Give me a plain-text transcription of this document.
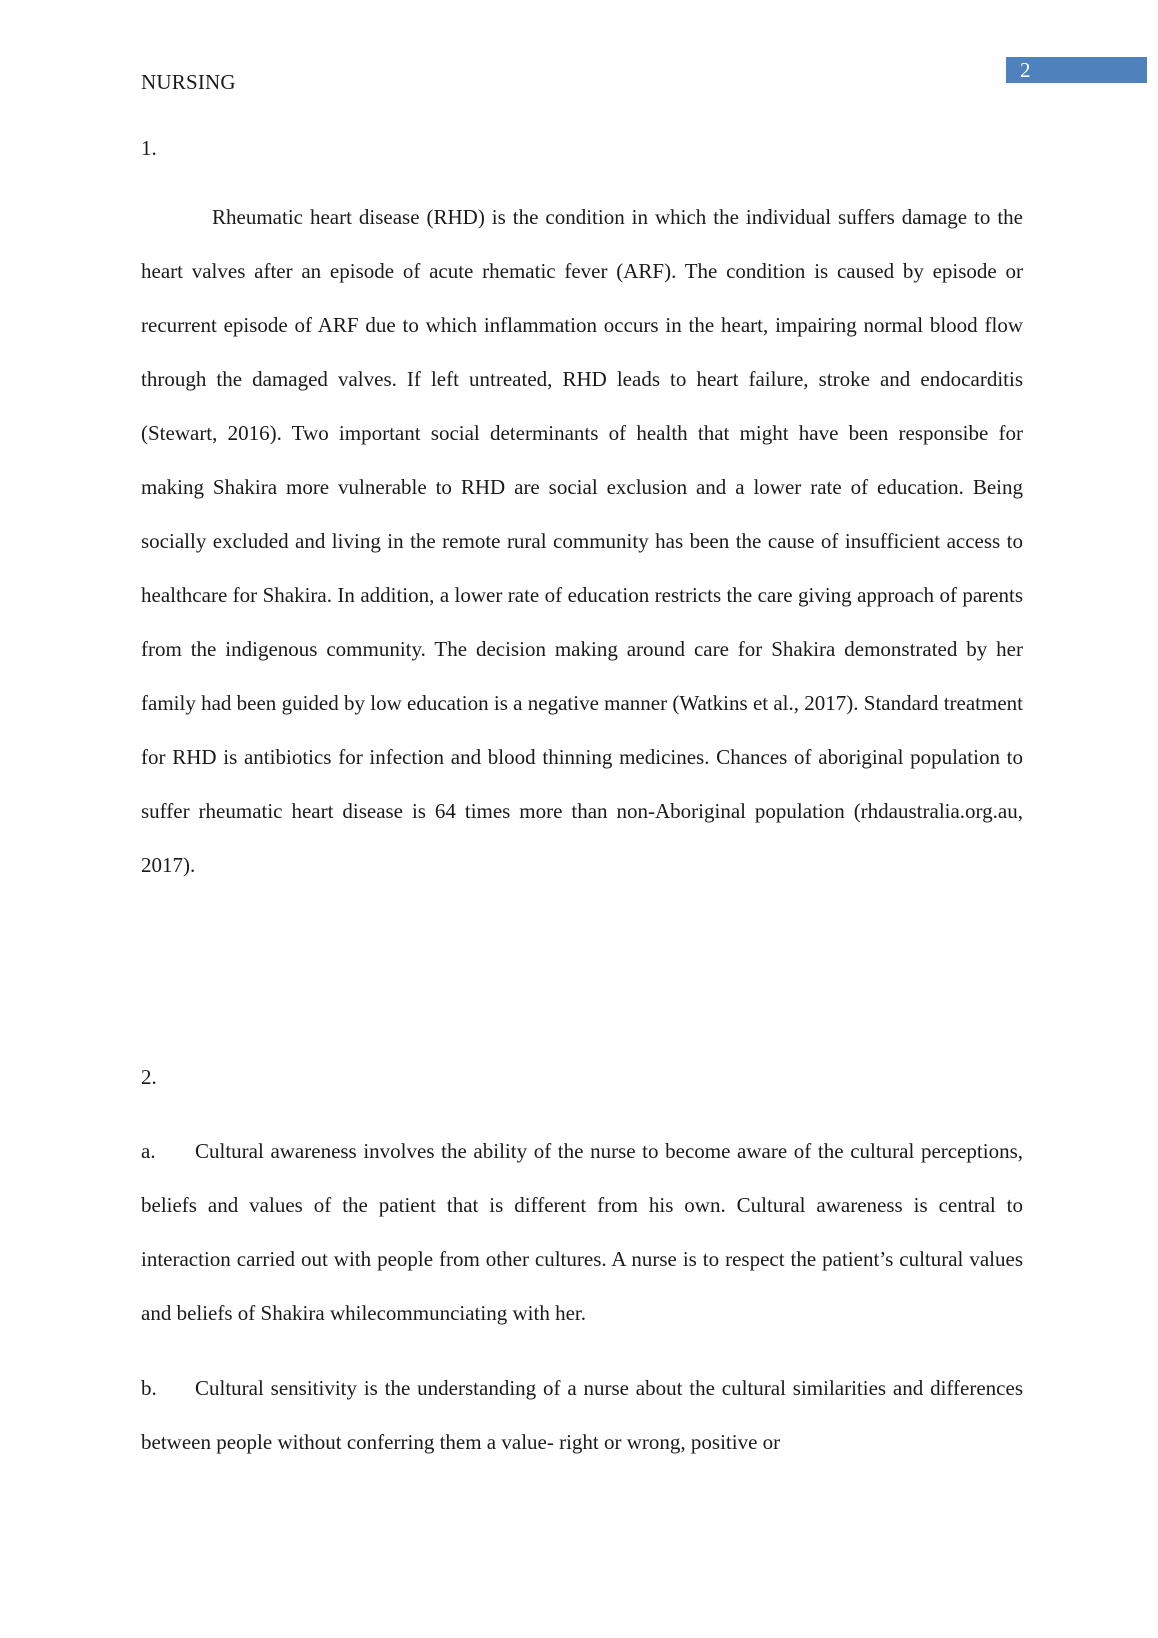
2
NURSING
1.

Rheumatic heart disease (RHD) is the condition in which the individual suffers damage to the heart valves after an episode of acute rhematic fever (ARF). The condition is caused by episode or recurrent episode of ARF due to which inflammation occurs in the heart, impairing normal blood flow through the damaged valves. If left untreated, RHD leads to heart failure, stroke and endocarditis (Stewart, 2016). Two important social determinants of health that might have been responsibe for making Shakira more vulnerable to RHD are social exclusion and a lower rate of education. Being socially excluded and living in the remote rural community has been the cause of insufficient access to healthcare for Shakira. In addition, a lower rate of education restricts the care giving approach of parents from the indigenous community. The decision making around care for Shakira demonstrated by her family had been guided by low education is a negative manner (Watkins et al., 2017). Standard treatment for RHD is antibiotics for infection and blood thinning medicines. Chances of aboriginal population to suffer rheumatic heart disease is 64 times more than non-Aboriginal population (rhdaustralia.org.au, 2017).

2.

a. Cultural awareness involves the ability of the nurse to become aware of the cultural perceptions, beliefs and values of the patient that is different from his own. Cultural awareness is central to interaction carried out with people from other cultures. A nurse is to respect the patient’s cultural values and beliefs of Shakira whilecommunciating with her.

b. Cultural sensitivity is the understanding of a nurse about the cultural similarities and differences between people without conferring them a value- right or wrong, positive or
